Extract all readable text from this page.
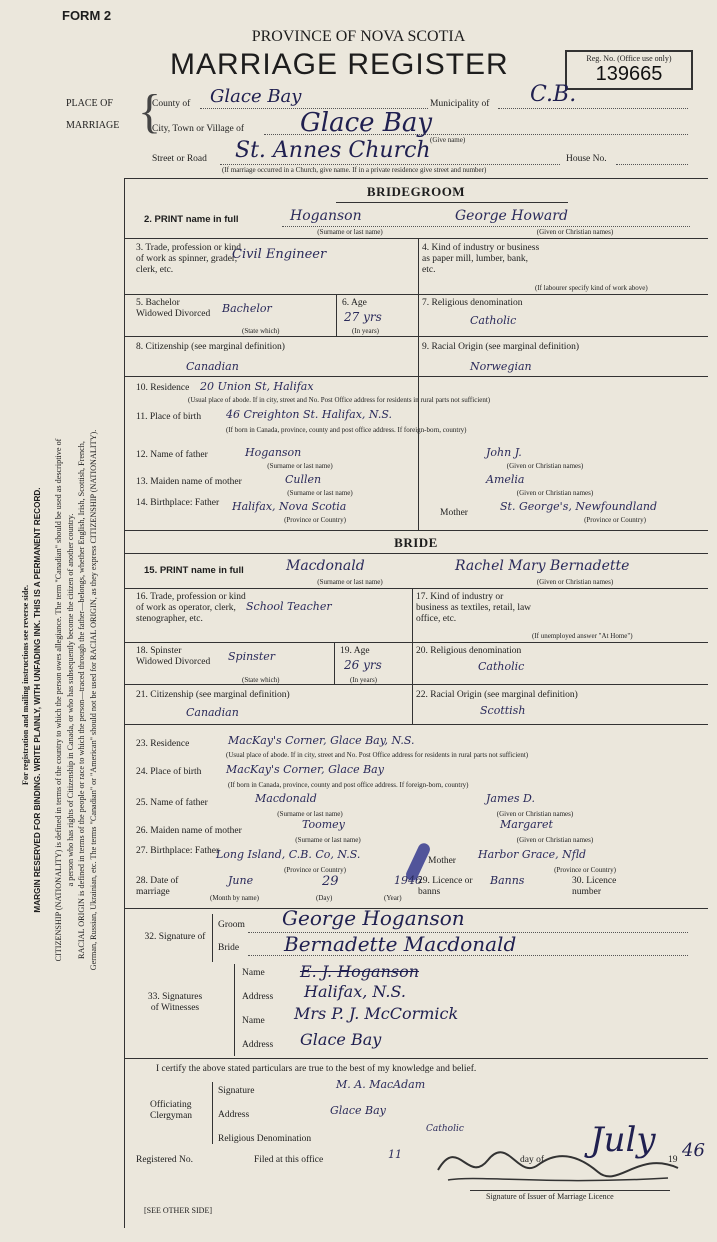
FORM 2
PROVINCE OF NOVA SCOTIA
MARRIAGE REGISTER	Reg. No. (Office use only)
139665
PLACE OF
MARRIAGE {
County of Glace Bay	Municipality of C.B.
City, Town or Village of Glace Bay
(Give name)
Street or Road St. Annes Church	House No.
(If marriage occurred in a Church, give name. If in a private residence give street and number)
For registration and mailing instructions see reverse side. MARGIN RESERVED FOR BINDING. WRITE PLAINLY, WITH UNFADING INK. THIS IS A PERMANENT RECORD. CITIZENSHIP (NATIONALITY) is defined in terms of the country to which the person owes allegiance. The term "Canadian" should be used as descriptive of a person who has rights of Citizenship in Canada, or who has subsequently become the citizen of another country. RACIAL ORIGIN is defined in terms of the people or race to which the person—traced through the father—belongs, whether English, Irish, Scottish, French, German, Russian, Ukrainian, etc. The terms "Canadian" or "American" should not be used for RACIAL ORIGIN, as they express CITIZENSHIP (NATIONALITY).
BRIDEGROOM
2. PRINT name in full	Hoganson	George Howard
(Surname or last name)	(Given or Christian names)
3. Trade, profession or kind of work as spinner, grader, clerk, etc.
Civil Engineer	4. Kind of industry or business as paper mill, lumber, bank, etc.
(If labourer specify kind of work above)
5. Bachelor Widowed Divorced	Bachelor
(State which)
6. Age
27 yrs
(In years)
7. Religious denomination
Catholic
8. Citizenship (see marginal definition)
Canadian
9. Racial Origin (see marginal definition)
Norwegian
10. Residence 20 Union St, Halifax
(Usual place of abode. If in city, street and No. Post Office address for residents in rural parts not sufficient)
11. Place of birth 46 Creighton St. Halifax, N.S.
(If born in Canada, province, county and post office address. If foreign-born, country)
12. Name of father	Hoganson	John J.
(Surname or last name)	(Given or Christian names)
13. Maiden name of mother	Cullen	Amelia
(Surname or last name)	(Given or Christian names)
14. Birthplace: Father	Halifax, Nova Scotia	Mother	St. George's, Newfoundland
(Province or Country)	(Province or Country)
BRIDE
15. PRINT name in full	Macdonald	Rachel Mary Bernadette
(Surname or last name)	(Given or Christian names)
16. Trade, profession or kind of work as operator, clerk, stenographer, etc.
School Teacher
17. Kind of industry or business as textiles, retail, law office, etc.
(If unemployed answer "At Home")
18. Spinster Widowed Divorced	Spinster
(State which)
19. Age
26 yrs
(In years)
20. Religious denomination
Catholic
21. Citizenship (see marginal definition)
Canadian
22. Racial Origin (see marginal definition)
Scottish
23. Residence	MacKay's Corner, Glace Bay, N.S.
(Usual place of abode. If in city, street and No. Post Office address for residents in rural parts not sufficient)
24. Place of birth MacKay's Corner, Glace Bay
(If born in Canada, province, county and post office address. If foreign-born, country)
25. Name of father	Macdonald	James D.
(Surname or last name)	(Given or Christian names)
26. Maiden name of mother	Toomey	Margaret
(Surname or last name)	(Given or Christian names)
27. Birthplace: Father
Long Island, C.B. Co, N.S.	Mother Harbor Grace, Nfld
(Province or Country)	(Province or Country)
28. Date of marriage
June	29	1946
(Month by name)	(Day)	(Year)
29. Licence or banns
Banns	30. Licence number
32. Signature of
Groom George Hoganson
Bride Bernadette Macdonald
33. Signatures of Witnesses
Name E. J. Hoganson
Address Halifax, N.S.
Name Mrs P. J. McCormick
Address Glace Bay
I certify the above stated particulars are true to the best of my knowledge and belief.
Officiating Clergyman
Signature	M. A. MacAdam
Address	Glace Bay
Religious Denomination
Catholic
Registered No.	Filed at this office	11	day of July 19 46
Signature of Issuer of Marriage Licence
[SEE OTHER SIDE]
